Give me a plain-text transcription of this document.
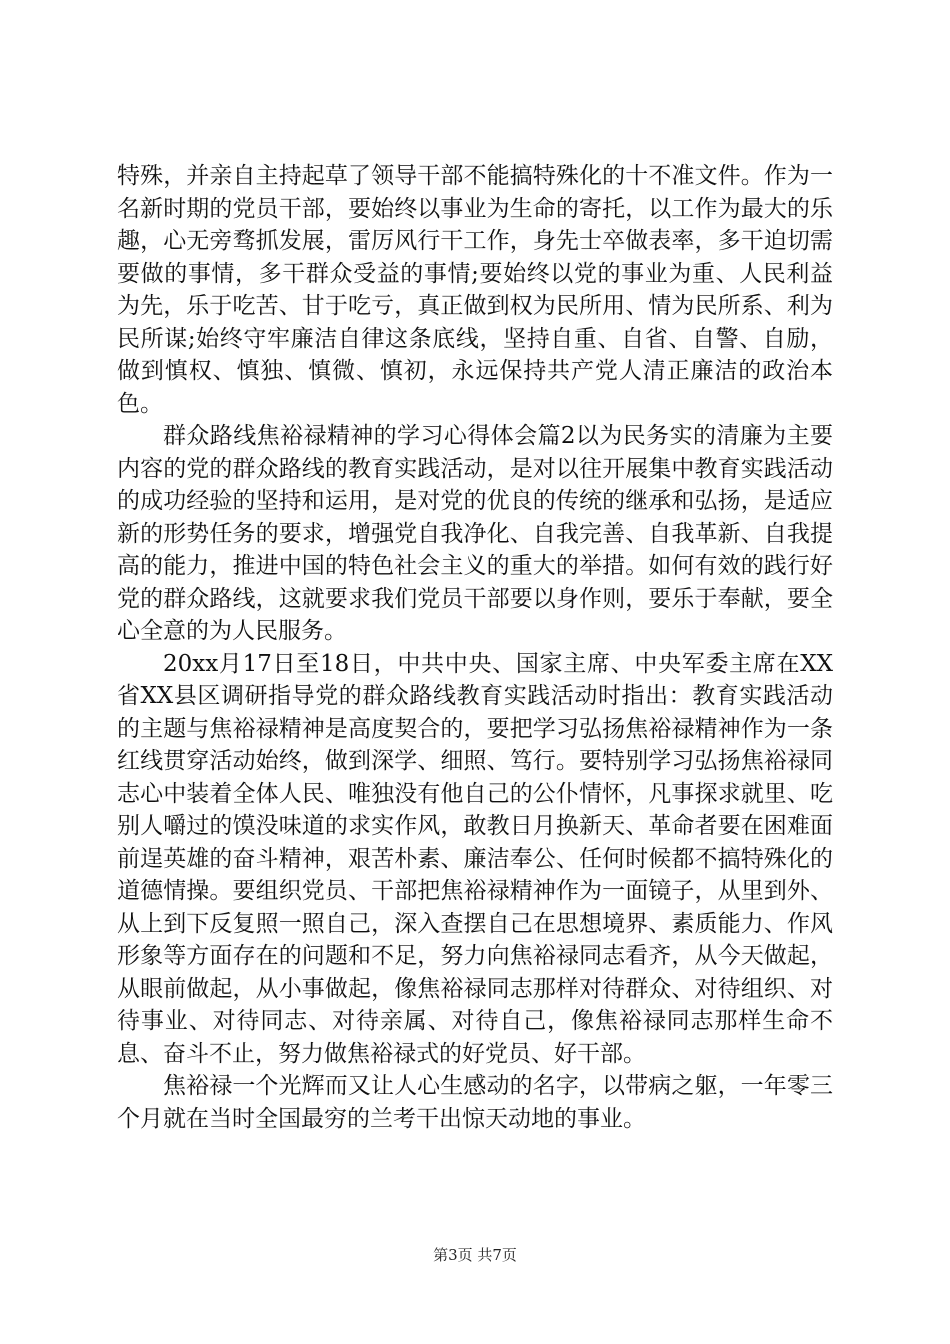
特殊，并亲自主持起草了领导干部不能搞特殊化的十不准文件。作为一名新时期的党员干部，要始终以事业为生命的寄托，以工作为最大的乐趣，心无旁骛抓发展，雷厉风行干工作，身先士卒做表率，多干迫切需要做的事情，多干群众受益的事情;要始终以党的事业为重、人民利益为先，乐于吃苦、甘于吃亏，真正做到权为民所用、情为民所系、利为民所谋;始终守牢廉洁自律这条底线，坚持自重、自省、自警、自励，做到慎权、慎独、慎微、慎初，永远保持共产党人清正廉洁的政治本色。

群众路线焦裕禄精神的学习心得体会篇2以为民务实的清廉为主要内容的党的群众路线的教育实践活动，是对以往开展集中教育实践活动的成功经验的坚持和运用，是对党的优良的传统的继承和弘扬，是适应新的形势任务的要求，增强党自我净化、自我完善、自我革新、自我提高的能力，推进中国的特色社会主义的重大的举措。如何有效的践行好党的群众路线，这就要求我们党员干部要以身作则，要乐于奉献，要全心全意的为人民服务。

20xx月17日至18日，中共中央、国家主席、中央军委主席在XX省XX县区调研指导党的群众路线教育实践活动时指出：教育实践活动的主题与焦裕禄精神是高度契合的，要把学习弘扬焦裕禄精神作为一条红线贯穿活动始终，做到深学、细照、笃行。要特别学习弘扬焦裕禄同志心中装着全体人民、唯独没有他自己的公仆情怀，凡事探求就里、吃别人嚼过的馍没味道的求实作风，敢教日月换新天、革命者要在困难面前逞英雄的奋斗精神，艰苦朴素、廉洁奉公、任何时候都不搞特殊化的道德情操。要组织党员、干部把焦裕禄精神作为一面镜子，从里到外、从上到下反复照一照自己，深入查摆自己在思想境界、素质能力、作风形象等方面存在的问题和不足，努力向焦裕禄同志看齐，从今天做起，从眼前做起，从小事做起，像焦裕禄同志那样对待群众、对待组织、对待事业、对待同志、对待亲属、对待自己，像焦裕禄同志那样生命不息、奋斗不止，努力做焦裕禄式的好党员、好干部。

焦裕禄一个光辉而又让人心生感动的名字，以带病之躯，一年零三个月就在当时全国最穷的兰考干出惊天动地的事业。

第3页 共7页
